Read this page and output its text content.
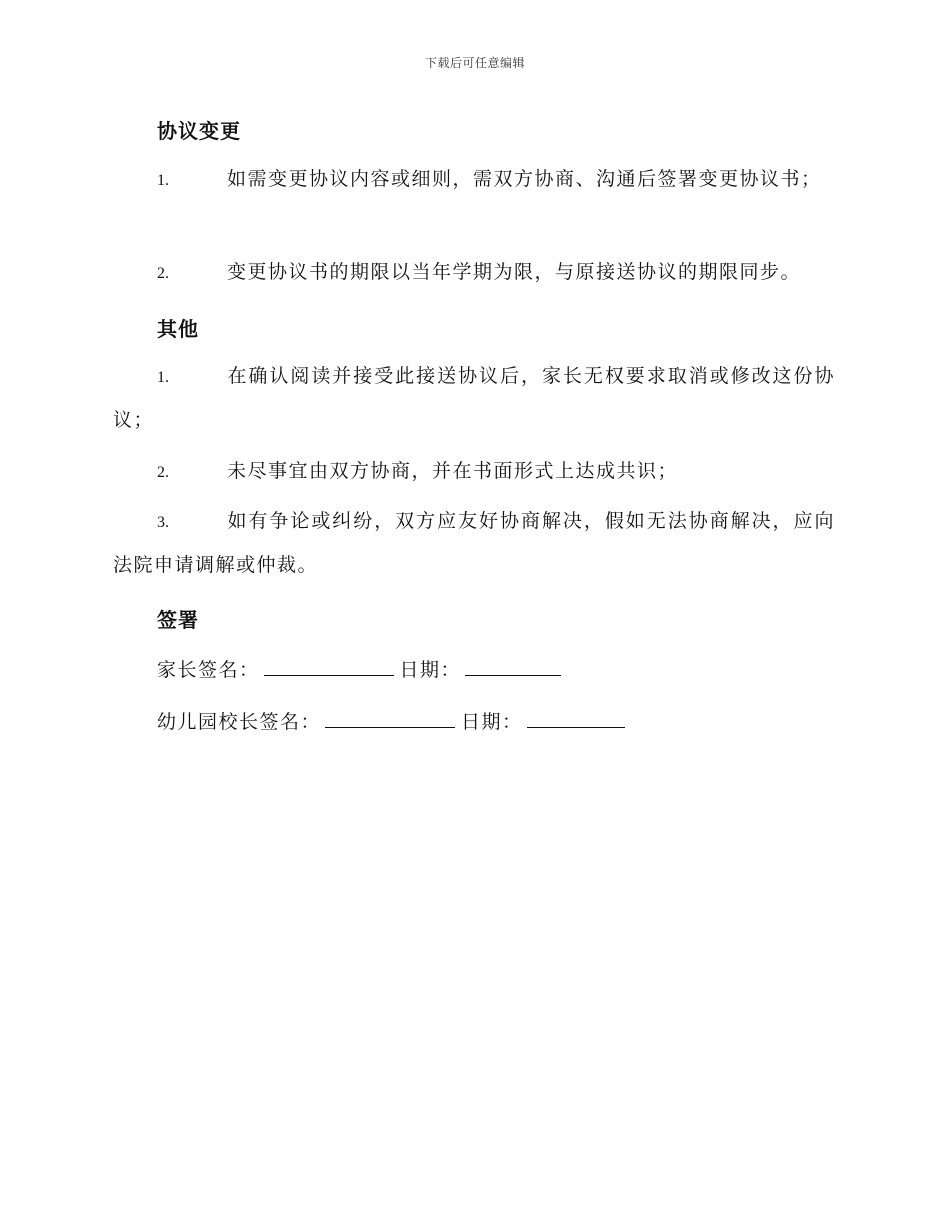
下载后可任意编辑
协议变更
1.	如需变更协议内容或细则，需双方协商、沟通后签署变更协议书；
2.	变更协议书的期限以当年学期为限，与原接送协议的期限同步。
其他
1.	在确认阅读并接受此接送协议后，家长无权要求取消或修改这份协议；
2.	未尽事宜由双方协商，并在书面形式上达成共识；
3.	如有争论或纠纷，双方应友好协商解决，假如无法协商解决，应向法院申请调解或仲裁。
签署
家长签名：	日期：
幼儿园校长签名：	日期：
